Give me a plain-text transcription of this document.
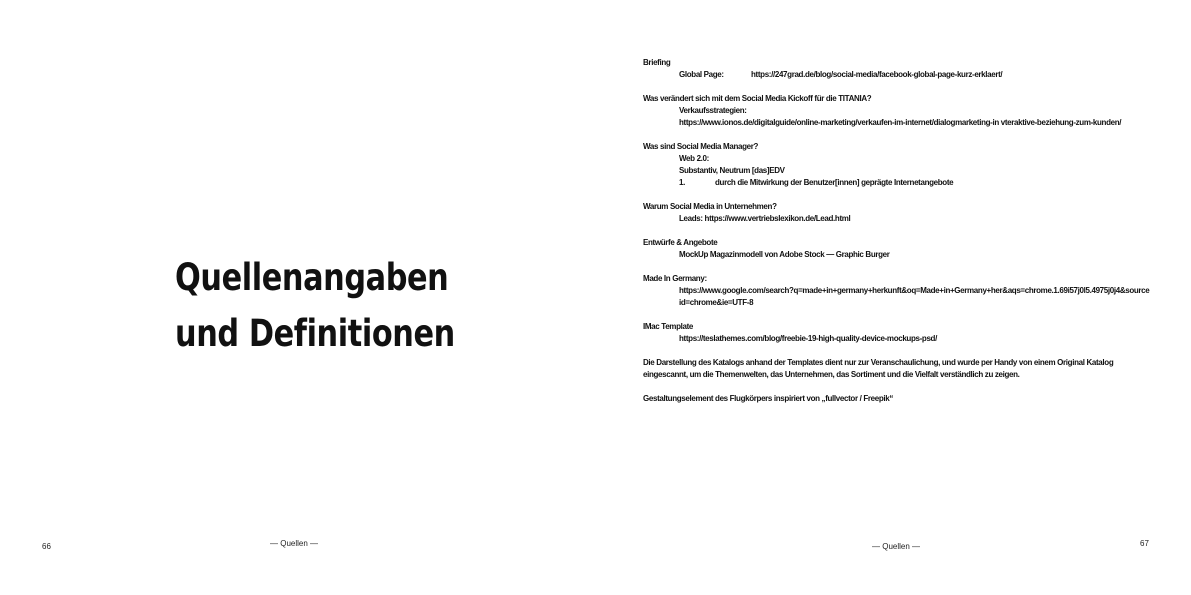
Quellenangaben
und Definitionen
— Quellen —
66
Briefing
Global Page:	https://247grad.de/blog/social-media/facebook-global-page-kurz-erklaert/
Was verändert sich mit dem Social Media Kickoff für die TITANIA?
Verkaufsstrategien:
https://www.ionos.de/digitalguide/online-marketing/verkaufen-im-internet/dialogmarketing-in vteraktive-beziehung-zum-kunden/
Was sind Social Media Manager?
Web 2.0:
Substantiv, Neutrum [das]EDV
1.	durch die Mitwirkung der Benutzer[innen] geprägte Internetangebote
Warum Social Media in Unternehmen?
Leads: https://www.vertriebslexikon.de/Lead.html
Entwürfe & Angebote
MockUp Magazinmodell von Adobe Stock — Graphic Burger
Made In Germany:
https://www.google.com/search?q=made+in+germany+herkunft&oq=Made+in+Germany+her&aqs=chrome.1.69i57j0l5.4975j0j4&sourceid=chrome&ie=UTF-8
IMac Template
https://teslathemes.com/blog/freebie-19-high-quality-device-mockups-psd/
Die Darstellung des Katalogs anhand der Templates dient nur zur Veranschaulichung, und wurde per Handy von einem Original Katalog eingescannt, um die Themenwelten, das Unternehmen, das Sortiment und die Vielfalt verständlich zu zeigen.
Gestaltungselement des Flugkörpers inspiriert von „fullvector / Freepik“
— Quellen —	67
